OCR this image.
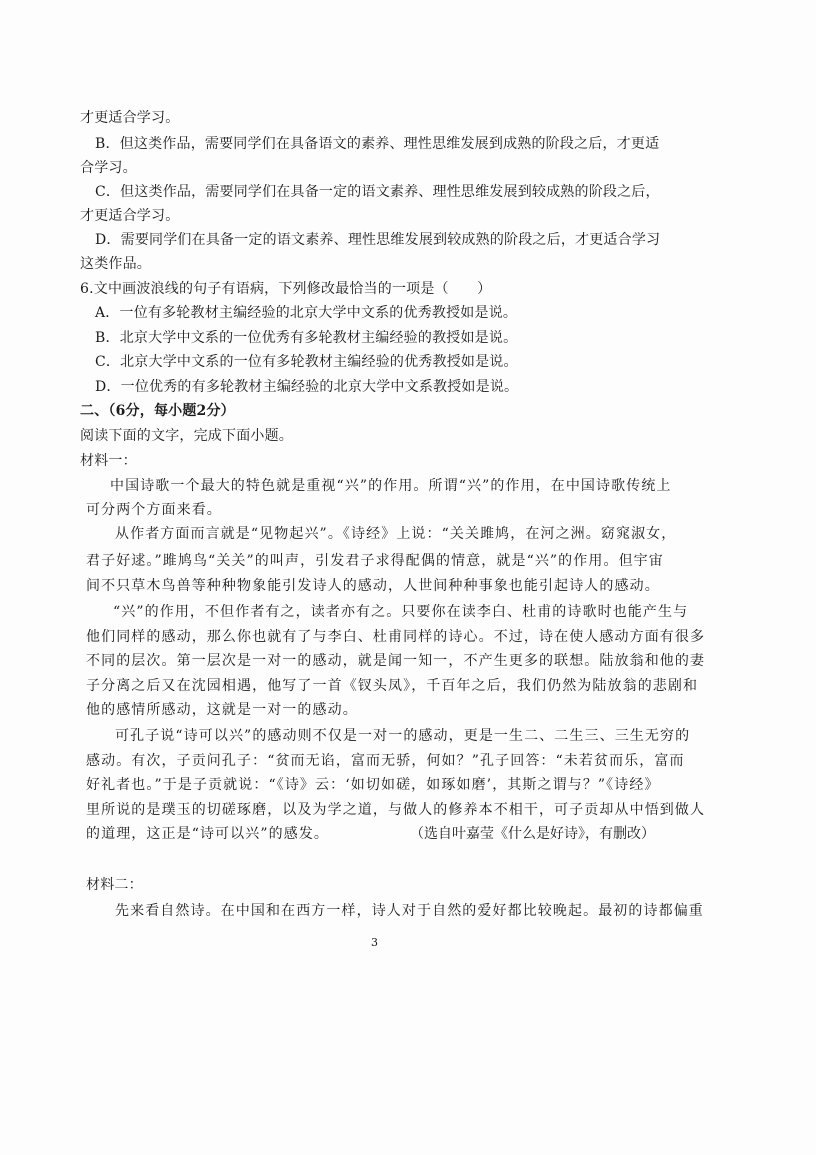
才更适合学习。
B．但这类作品，需要同学们在具备语文的素养、理性思维发展到成熟的阶段之后，才更适
合学习。
C．但这类作品，需要同学们在具备一定的语文素养、理性思维发展到较成熟的阶段之后，
才更适合学习。
D．需要同学们在具备一定的语文素养、理性思维发展到较成熟的阶段之后，才更适合学习
这类作品。
6.文中画波浪线的句子有语病，下列修改最恰当的一项是（　　）
A．一位有多轮教材主编经验的北京大学中文系的优秀教授如是说。
B．北京大学中文系的一位优秀有多轮教材主编经验的教授如是说。
C．北京大学中文系的一位有多轮教材主编经验的优秀教授如是说。
D．一位优秀的有多轮教材主编经验的北京大学中文系教授如是说。
二、（6分，每小题2分）
阅读下面的文字，完成下面小题。
材料一：
中国诗歌一个最大的特色就是重视“兴”的作用。所谓“兴”的作用，在中国诗歌传统上
可分两个方面来看。
从作者方面而言就是“见物起兴”。《诗经》上说：“关关雎鸠，在河之洲。窈窕淑女，
君子好逑。”雎鸠鸟“关关”的叫声，引发君子求得配偶的情意，就是“兴”的作用。但宇宙
间不只草木鸟兽等种种物象能引发诗人的感动，人世间种种事象也能引起诗人的感动。
“兴”的作用，不但作者有之，读者亦有之。只要你在读李白、杜甫的诗歌时也能产生与
他们同样的感动，那么你也就有了与李白、杜甫同样的诗心。不过，诗在使人感动方面有很多
不同的层次。第一层次是一对一的感动，就是闻一知一，不产生更多的联想。陆放翁和他的妻
子分离之后又在沈园相遇，他写了一首《钗头凤》，千百年之后，我们仍然为陆放翁的悲剧和
他的感情所感动，这就是一对一的感动。
可孔子说“诗可以兴”的感动则不仅是一对一的感动，更是一生二、二生三、三生无穷的
感动。有次，子贡问孔子：“贫而无谄，富而无骄，何如？”孔子回答：“未若贫而乐，富而
好礼者也。”于是子贡就说：“《诗》云：‘如切如磋，如琢如磨’，其斯之谓与？”《诗经》
里所说的是璞玉的切磋琢磨，以及为学之道，与做人的修养本不相干，可子贡却从中悟到做人
的道理，这正是“诗可以兴”的感发。	（选自叶嘉莹《什么是好诗》，有删改）
材料二：
先来看自然诗。在中国和在西方一样，诗人对于自然的爱好都比较晚起。最初的诗都偏重
3
